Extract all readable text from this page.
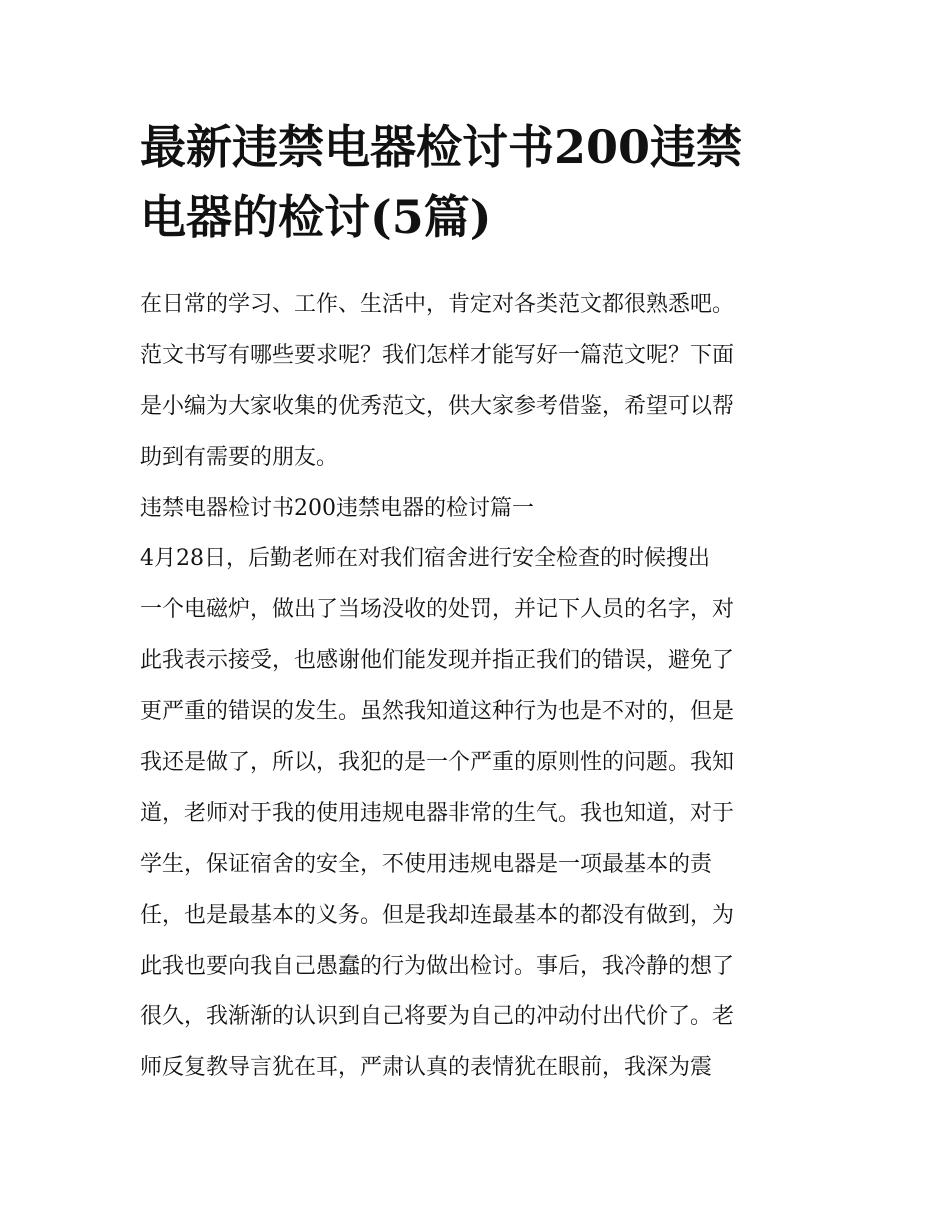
最新违禁电器检讨书200违禁
电器的检讨(5篇)
在日常的学习、工作、生活中，肯定对各类范文都很熟悉吧。
范文书写有哪些要求呢？我们怎样才能写好一篇范文呢？下面
是小编为大家收集的优秀范文，供大家参考借鉴，希望可以帮
助到有需要的朋友。
违禁电器检讨书200违禁电器的检讨篇一
4月28日，后勤老师在对我们宿舍进行安全检查的时候搜出
一个电磁炉，做出了当场没收的处罚，并记下人员的名字，对
此我表示接受，也感谢他们能发现并指正我们的错误，避免了
更严重的错误的发生。虽然我知道这种行为也是不对的，但是
我还是做了，所以，我犯的是一个严重的原则性的问题。我知
道，老师对于我的使用违规电器非常的生气。我也知道，对于
学生，保证宿舍的安全，不使用违规电器是一项最基本的责
任，也是最基本的义务。但是我却连最基本的都没有做到，为
此我也要向我自己愚蠢的行为做出检讨。事后，我冷静的想了
很久，我渐渐的认识到自己将要为自己的冲动付出代价了。老
师反复教导言犹在耳，严肃认真的表情犹在眼前，我深为震
